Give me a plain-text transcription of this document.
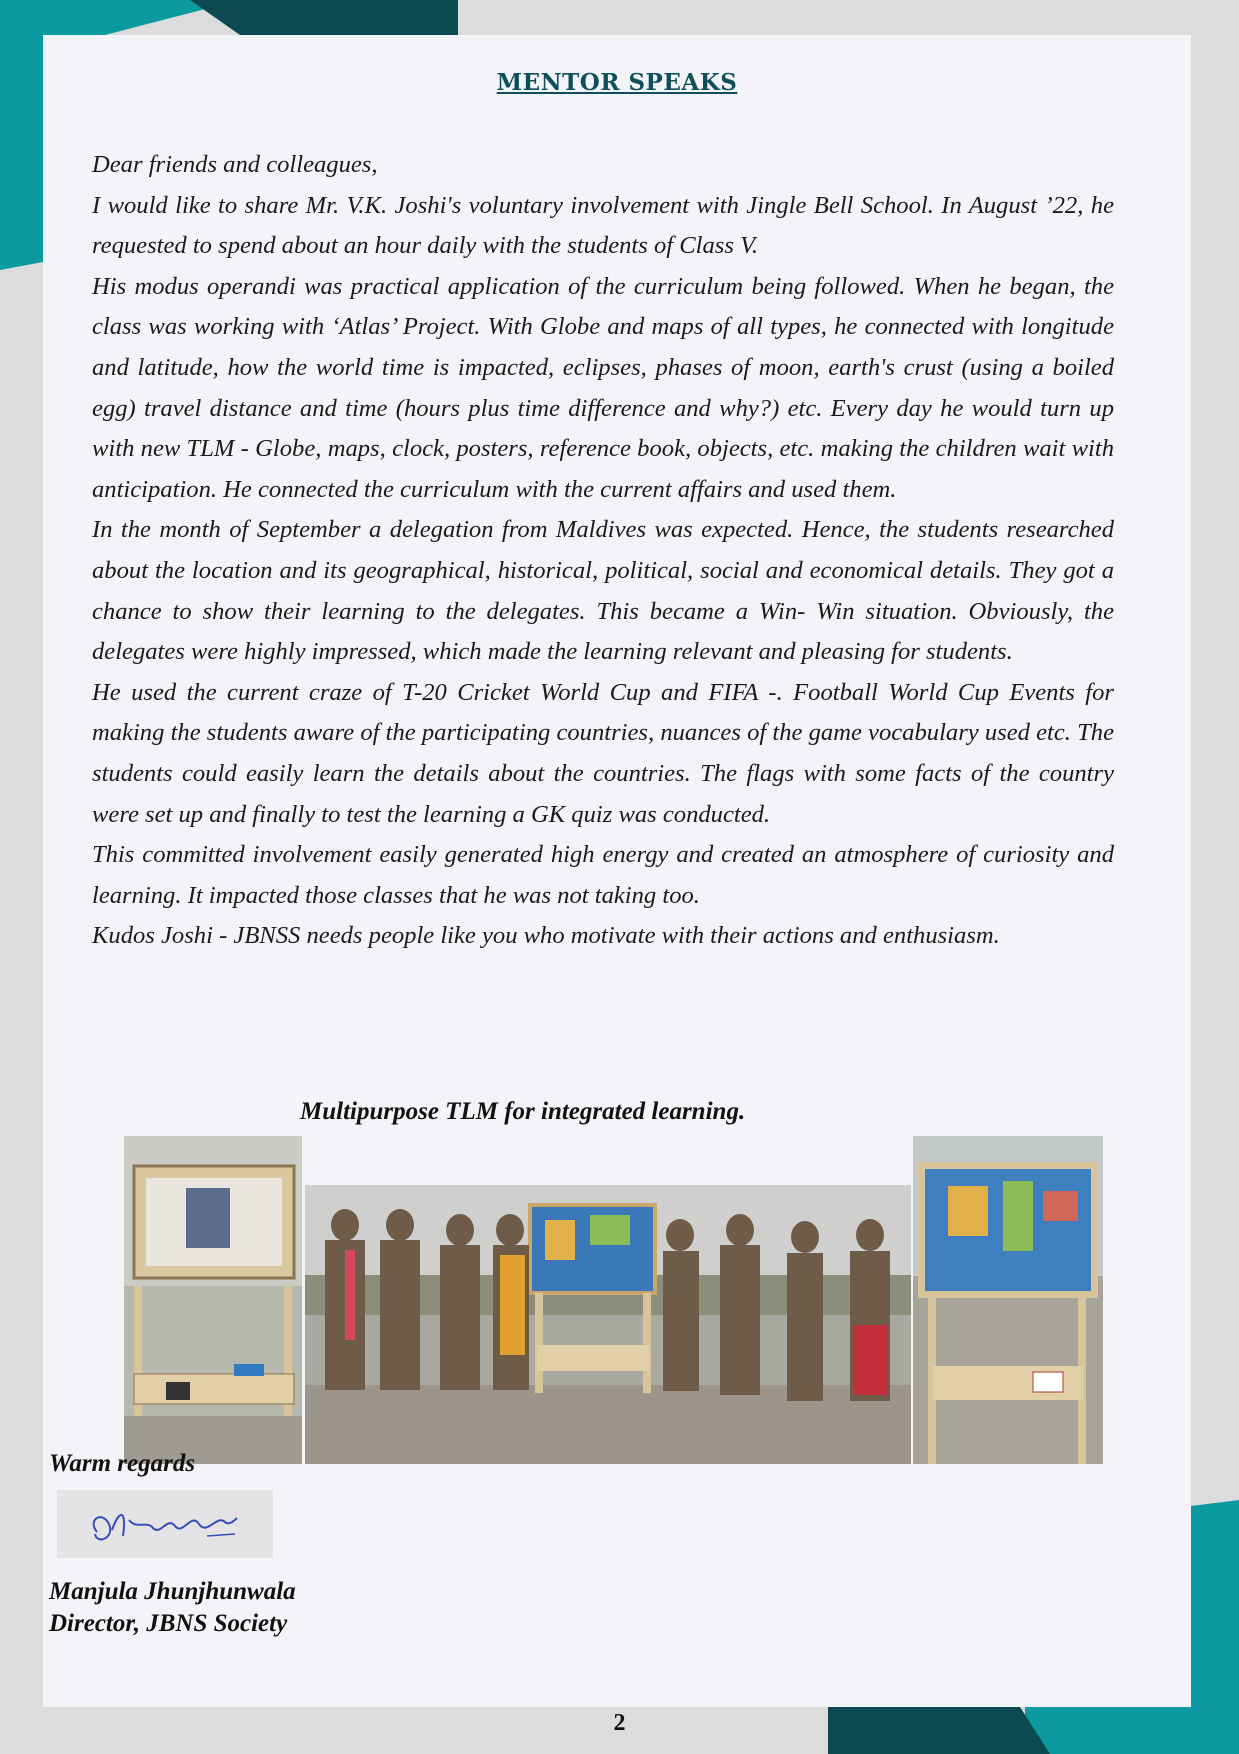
MENTOR SPEAKS

Dear friends and colleagues,

I would like to share Mr. V.K. Joshi's voluntary involvement with Jingle Bell School. In August ’22, he requested to spend about an hour daily with the students of Class V.

His modus operandi was practical application of the curriculum being followed. When he began, the class was working with ‘Atlas’ Project. With Globe and maps of all types, he connected with longitude and latitude, how the world time is impacted, eclipses, phases of moon, earth's crust (using a boiled egg) travel distance and time (hours plus time difference and why?) etc. Every day he would turn up with new TLM - Globe, maps, clock, posters, reference book, objects, etc. making the children wait with anticipation. He connected the curriculum with the current affairs and used them.

In the month of September a delegation from Maldives was expected. Hence, the students researched about the location and its geographical, historical, political, social and economical details. They got a chance to show their learning to the delegates. This became a Win- Win situation. Obviously, the delegates were highly impressed, which made the learning relevant and pleasing for students.

He used the current craze of T-20 Cricket World Cup and FIFA -. Football World Cup Events for making the students aware of the participating countries, nuances of the game vocabulary used etc. The students could easily learn the details about the countries. The flags with some facts of the country were set up and finally to test the learning a GK quiz was conducted.

This committed involvement easily generated high energy and created an atmosphere of curiosity and learning. It impacted those classes that he was not taking too.

Kudos Joshi - JBNSS needs people like you who motivate with their actions and enthusiasm.

Multipurpose TLM for integrated learning.
Warm regards
Manjula Jhunjhunwala
Director, JBNS Society
2
